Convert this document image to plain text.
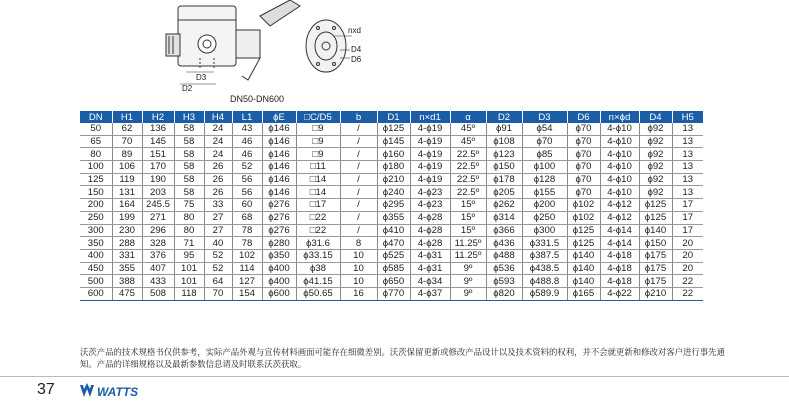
D3
D2
nxd
D4
D6
DN50-DN600
DN	H1	H2	H3	H4	L1	ϕE	□C/D5	b	D1	n×d1	α	D2	D3	D6	n×ϕd	D4	H5
50	62	136	58	24	43	ϕ146	□9	/	ϕ125	4-ϕ19	45º	ϕ91	ϕ54	ϕ70	4-ϕ10	ϕ92	13
65	70	145	58	24	46	ϕ146	□9	/	ϕ145	4-ϕ19	45º	ϕ108	ϕ70	ϕ70	4-ϕ10	ϕ92	13
80	89	151	58	24	46	ϕ146	□9	/	ϕ160	4-ϕ19	22.5º	ϕ123	ϕ85	ϕ70	4-ϕ10	ϕ92	13
100	106	170	58	26	52	ϕ146	□11	/	ϕ180	4-ϕ19	22.5º	ϕ150	ϕ100	ϕ70	4-ϕ10	ϕ92	13
125	119	190	58	26	56	ϕ146	□14	/	ϕ210	4-ϕ19	22.5º	ϕ178	ϕ128	ϕ70	4-ϕ10	ϕ92	13
150	131	203	58	26	56	ϕ146	□14	/	ϕ240	4-ϕ23	22.5º	ϕ205	ϕ155	ϕ70	4-ϕ10	ϕ92	13
200	164	245.5	75	33	60	ϕ276	□17	/	ϕ295	4-ϕ23	15º	ϕ262	ϕ200	ϕ102	4-ϕ12	ϕ125	17
250	199	271	80	27	68	ϕ276	□22	/	ϕ355	4-ϕ28	15º	ϕ314	ϕ250	ϕ102	4-ϕ12	ϕ125	17
300	230	296	80	27	78	ϕ276	□22	/	ϕ410	4-ϕ28	15º	ϕ366	ϕ300	ϕ125	4-ϕ14	ϕ140	17
350	288	328	71	40	78	ϕ280	ϕ31.6	8	ϕ470	4-ϕ28	11.25º	ϕ436	ϕ331.5	ϕ125	4-ϕ14	ϕ150	20
400	331	376	95	52	102	ϕ350	ϕ33.15	10	ϕ525	4-ϕ31	11.25º	ϕ488	ϕ387.5	ϕ140	4-ϕ18	ϕ175	20
450	355	407	101	52	114	ϕ400	ϕ38	10	ϕ585	4-ϕ31	9º	ϕ536	ϕ438.5	ϕ140	4-ϕ18	ϕ175	20
500	388	433	101	64	127	ϕ400	ϕ41.15	10	ϕ650	4-ϕ34	9º	ϕ593	ϕ488.8	ϕ140	4-ϕ18	ϕ175	22
600	475	508	118	70	154	ϕ600	ϕ50.65	16	ϕ770	4-ϕ37	9º	ϕ820	ϕ589.9	ϕ165	4-ϕ22	ϕ210	22
沃茨产品的技术规格书仅供参考，实际产品外观与宣传材料画面可能存在细微差别。沃茨保留更新或修改产品设计以及技术资料的权利，并不会就更新和修改对客户进行事先通知。产品的详细规格以及最新参数信息请及时联系沃茨获取。
37	WATTS
